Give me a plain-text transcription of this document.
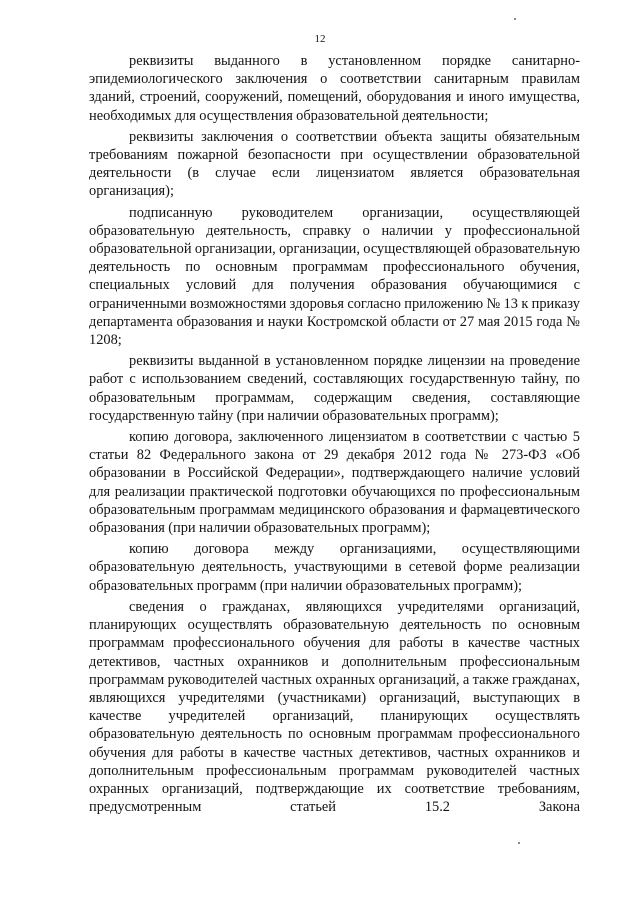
12

реквизиты выданного в установленном порядке санитарно-эпидемиологического заключения о соответствии санитарным правилам зданий, строений, сооружений, помещений, оборудования и иного имущества, необходимых для осуществления образовательной деятельности;

реквизиты заключения о соответствии объекта защиты обязательным требованиям пожарной безопасности при осуществлении образовательной деятельности (в случае если лицензиатом является образовательная организация);

подписанную руководителем организации, осуществляющей образовательную деятельность, справку о наличии у профессиональной образовательной организации, организации, осуществляющей образовательную деятельность по основным программам профессионального обучения, специальных условий для получения образования обучающимися с ограниченными возможностями здоровья согласно приложению № 13 к приказу департамента образования и науки Костромской области от 27 мая 2015 года № 1208;

реквизиты выданной в установленном порядке лицензии на проведение работ с использованием сведений, составляющих государственную тайну, по образовательным программам, содержащим сведения, составляющие государственную тайну (при наличии образовательных программ);

копию договора, заключенного лицензиатом в соответствии с частью 5 статьи 82 Федерального закона от 29 декабря 2012 года № 273-ФЗ «Об образовании в Российской Федерации», подтверждающего наличие условий для реализации практической подготовки обучающихся по профессиональным образовательным программам медицинского образования и фармацевтического образования (при наличии образовательных программ);

копию договора между организациями, осуществляющими образовательную деятельность, участвующими в сетевой форме реализации образовательных программ (при наличии образовательных программ);

сведения о гражданах, являющихся учредителями организаций, планирующих осуществлять образовательную деятельность по основным программам профессионального обучения для работы в качестве частных детективов, частных охранников и дополнительным профессиональным программам руководителей частных охранных организаций, а также гражданах, являющихся учредителями (участниками) организаций, выступающих в качестве учредителей организаций, планирующих осуществлять образовательную деятельность по основным программам профессионального обучения для работы в качестве частных детективов, частных охранников и дополнительным профессиональным программам руководителей частных охранных организаций, подтверждающие их соответствие требованиям, предусмотренным статьей 15.2 Закона
